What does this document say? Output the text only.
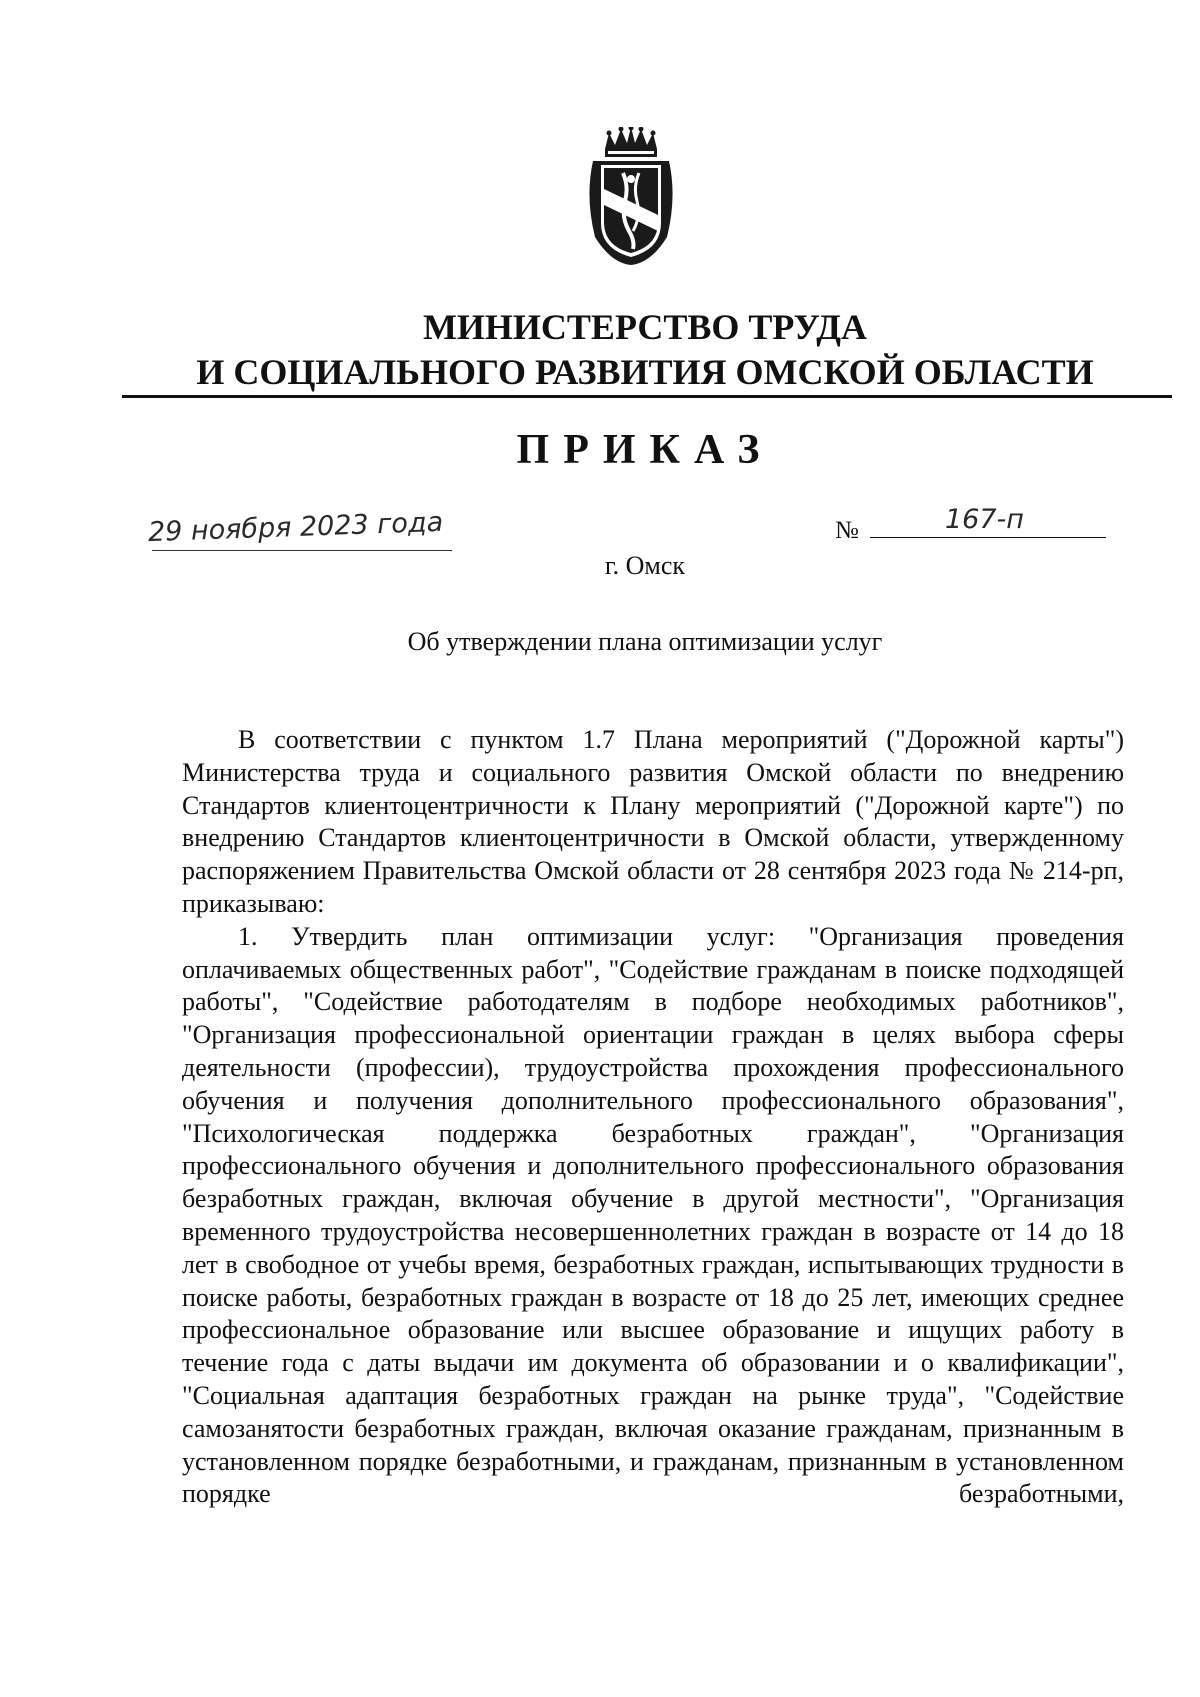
МИНИСТЕРСТВО ТРУДА
И СОЦИАЛЬНОГО РАЗВИТИЯ ОМСКОЙ ОБЛАСТИ
ПРИКАЗ
29 ноября 2023 года	№	167-п
г. Омск
Об утверждении плана оптимизации услуг

В соответствии с пунктом 1.7 Плана мероприятий ("Дорожной карты") Министерства труда и социального развития Омской области по внедрению Стандартов клиентоцентричности к Плану мероприятий ("Дорожной карте") по внедрению Стандартов клиентоцентричности в Омской области, утвержденному распоряжением Правительства Омской области от 28 сентября 2023 года № 214-рп, приказываю:

1. Утвердить план оптимизации услуг: "Организация проведения оплачиваемых общественных работ", "Содействие гражданам в поиске подходящей работы", "Содействие работодателям в подборе необходимых работников", "Организация профессиональной ориентации граждан в целях выбора сферы деятельности (профессии), трудоустройства прохождения профессионального обучения и получения дополнительного профессионального образования", "Психологическая поддержка безработных граждан", "Организация профессионального обучения и дополнительного профессионального образования безработных граждан, включая обучение в другой местности", "Организация временного трудоустройства несовершеннолетних граждан в возрасте от 14 до 18 лет в свободное от учебы время, безработных граждан, испытывающих трудности в поиске работы, безработных граждан в возрасте от 18 до 25 лет, имеющих среднее профессиональное образование или высшее образование и ищущих работу в течение года с даты выдачи им документа об образовании и о квалификации", "Социальная адаптация безработных граждан на рынке труда", "Содействие самозанятости безработных граждан, включая оказание гражданам, признанным в установленном порядке безработными, и гражданам, признанным в установленном порядке безработными,
